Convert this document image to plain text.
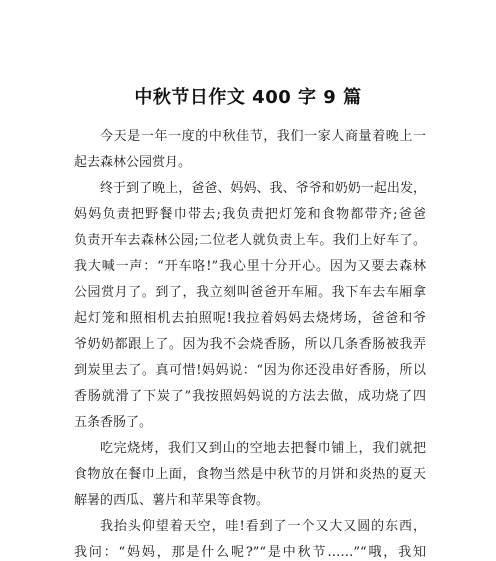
中秋节日作文 400 字 9 篇
今天是一年一度的中秋佳节，我们一家人商量着晚上一
起去森林公园赏月。
终于到了晚上，爸爸、妈妈、我、爷爷和奶奶一起出发，
妈妈负责把野餐巾带去;我负责把灯笼和食物都带齐;爸爸
负责开车去森林公园;二位老人就负责上车。我们上好车了。
我大喊一声：“开车咯!”我心里十分开心。因为又要去森林
公园赏月了。到了，我立刻叫爸爸开车厢。我下车去车厢拿
起灯笼和照相机去拍照呢!我拉着妈妈去烧烤场，爸爸和爷
爷奶奶都跟上了。因为我不会烧香肠，所以几条香肠被我弄
到炭里去了。真可惜!妈妈说：“因为你还没串好香肠，所以
香肠就滑了下炭了”我按照妈妈说的方法去做，成功烧了四
五条香肠了。
吃完烧烤，我们又到山的空地去把餐巾铺上，我们就把
食物放在餐巾上面，食物当然是中秋节的月饼和炎热的夏天
解暑的西瓜、薯片和苹果等食物。
我抬头仰望着天空，哇!看到了一个又大又圆的东西，
我问：“妈妈，那是什么呢?”“是中秋节……”“哦，我知
